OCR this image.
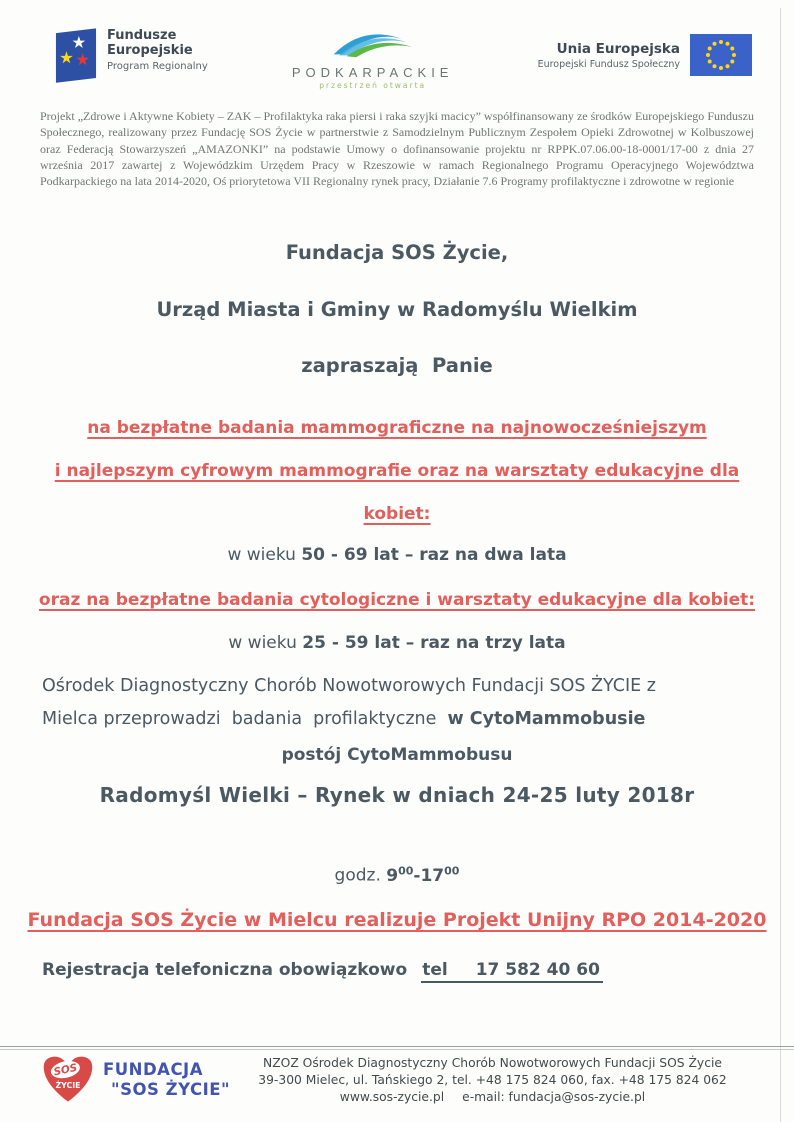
Fundusze
Europejskie
Program Regionalny	PODKARPACKIE
przestrzeń otwarta
Unia Europejska
Europejski Fundusz Społeczny

Projekt „Zdrowe i Aktywne Kobiety – ZAK – Profilaktyka raka piersi i raka szyjki macicy” współfinansowany ze środków Europejskiego Funduszu Społecznego, realizowany przez Fundację SOS Życie w partnerstwie z Samodzielnym Publicznym Zespołem Opieki Zdrowotnej w Kolbuszowej oraz Federacją Stowarzyszeń „AMAZONKI” na podstawie Umowy o dofinansowanie projektu nr RPPK.07.06.00-18-0001/17-00 z dnia 27 września 2017 zawartej z Wojewódzkim Urzędem Pracy w Rzeszowie w ramach Regionalnego Programu Operacyjnego Województwa Podkarpackiego na lata 2014-2020, Oś priorytetowa VII Regionalny rynek pracy, Działanie 7.6 Programy profilaktyczne i zdrowotne w regionie

Fundacja SOS Życie,
Urząd Miasta i Gminy w Radomyślu Wielkim
zapraszają  Panie
na bezpłatne badania mammograficzne na najnowocześniejszym
i najlepszym cyfrowym mammografie oraz na warsztaty edukacyjne dla
kobiet:
w wieku 50 - 69 lat – raz na dwa lata
oraz na bezpłatne badania cytologiczne i warsztaty edukacyjne dla kobiet:
w wieku 25 - 59 lat – raz na trzy lata
Ośrodek Diagnostyczny Chorób Nowotworowych Fundacji SOS ŻYCIE z
Mielca przeprowadzi  badania  profilaktyczne  w CytoMammobusie
postój CytoMammobusu
Radomyśl Wielki – Rynek w dniach 24-25 luty 2018r
godz. $9^{00}-17^{00}$
Fundacja SOS Życie w Mielcu realizuje Projekt Unijny RPO 2014-2020
Rejestracja telefoniczna obowiązkowo tel 17 582 40 60
SOS
ŻYCIE
FUNDACJA
"SOS ŻYCIE"
NZOZ Ośrodek Diagnostyczny Chorób Nowotworowych Fundacji SOS Życie
39-300 Mielec, ul. Tańskiego 2, tel. +48 175 824 060, fax. +48 175 824 062
www.sos-zycie.pl e-mail: fundacja@sos-zycie.pl
